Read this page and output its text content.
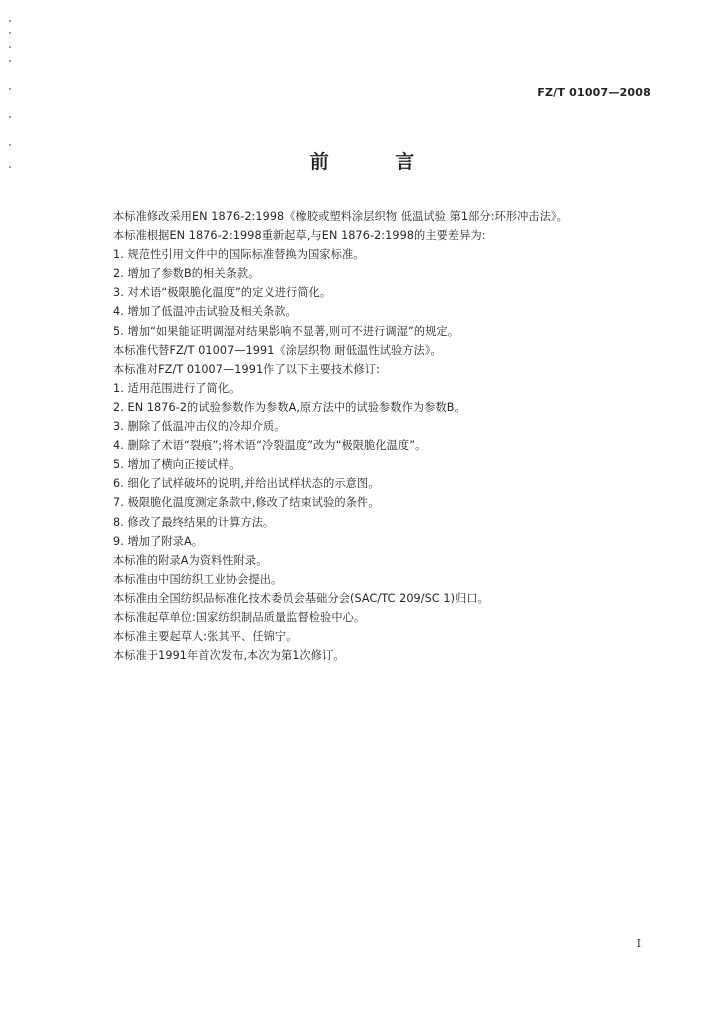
FZ/T 01007—2008
前 言
本标准修改采用EN 1876-2:1998《橡胶或塑料涂层织物 低温试验 第1部分:环形冲击法》。
本标准根据EN 1876-2:1998重新起草,与EN 1876-2:1998的主要差异为:
1. 规范性引用文件中的国际标准替换为国家标准。
2. 增加了参数B的相关条款。
3. 对术语“极限脆化温度”的定义进行简化。
4. 增加了低温冲击试验及相关条款。
5. 增加“如果能证明调湿对结果影响不显著,则可不进行调湿”的规定。
本标准代替FZ/T 01007—1991《涂层织物 耐低温性试验方法》。
本标准对FZ/T 01007—1991作了以下主要技术修订:
1. 适用范围进行了简化。
2. EN 1876-2的试验参数作为参数A,原方法中的试验参数作为参数B。
3. 删除了低温冲击仪的冷却介质。
4. 删除了术语“裂痕”;将术语“冷裂温度”改为“极限脆化温度”。
5. 增加了横向正接试样。
6. 细化了试样破坏的说明,并给出试样状态的示意图。
7. 极限脆化温度测定条款中,修改了结束试验的条件。
8. 修改了最终结果的计算方法。
9. 增加了附录A。
本标准的附录A为资料性附录。
本标准由中国纺织工业协会提出。
本标准由全国纺织品标准化技术委员会基础分会(SAC/TC 209/SC 1)归口。
本标准起草单位:国家纺织制品质量监督检验中心。
本标准主要起草人:张其平、任锦宁。
本标准于1991年首次发布,本次为第1次修订。
I
